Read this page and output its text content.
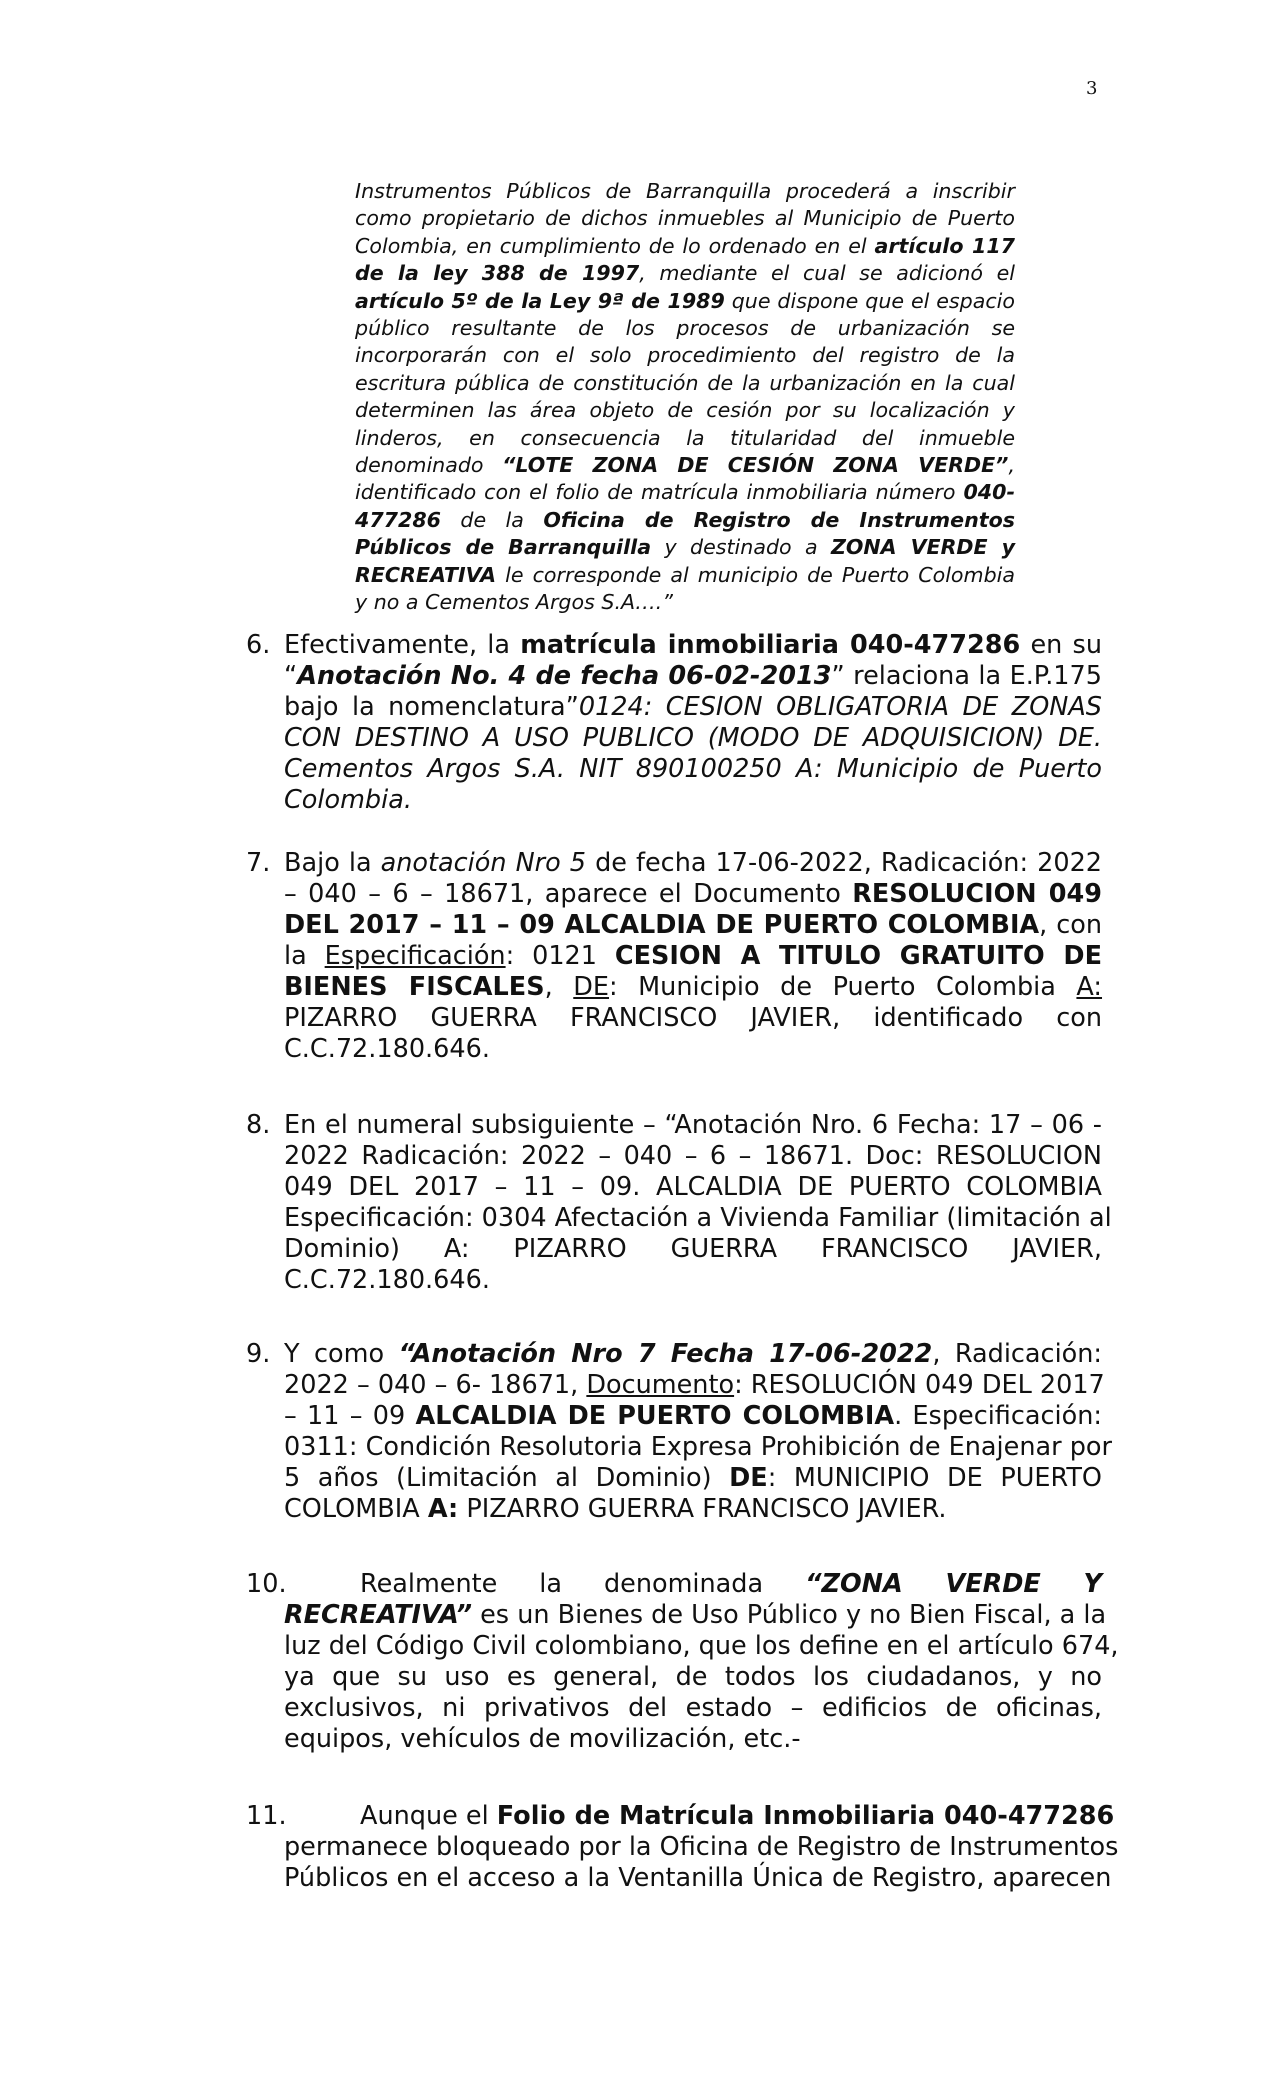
3
Instrumentos Públicos de Barranquilla procederá a inscribir
como propietario de dichos inmuebles al Municipio de Puerto
Colombia, en cumplimiento de lo ordenado en el artículo 117
de la ley 388 de 1997, mediante el cual se adicionó el
artículo 5º de la Ley 9ª de 1989 que dispone que el espacio
público resultante de los procesos de urbanización se
incorporarán con el solo procedimiento del registro de la
escritura pública de constitución de la urbanización en la cual
determinen las área objeto de cesión por su localización y
linderos, en consecuencia la titularidad del inmueble
denominado “LOTE ZONA DE CESIÓN ZONA VERDE”,
identificado con el folio de matrícula inmobiliaria número 040-
477286 de la Oficina de Registro de Instrumentos
Públicos de Barranquilla y destinado a ZONA VERDE y
RECREATIVA le corresponde al municipio de Puerto Colombia
y no a Cementos Argos S.A….”
6. Efectivamente, la matrícula inmobiliaria 040-477286 en su
“Anotación No. 4 de fecha 06-02-2013” relaciona la E.P.175
bajo la nomenclatura”0124: CESION OBLIGATORIA DE ZONAS
CON DESTINO A USO PUBLICO (MODO DE ADQUISICION) DE.
Cementos Argos S.A. NIT 890100250 A: Municipio de Puerto
Colombia.
7. Bajo la anotación Nro 5 de fecha 17-06-2022, Radicación: 2022
– 040 – 6 – 18671, aparece el Documento RESOLUCION 049
DEL 2017 – 11 – 09 ALCALDIA DE PUERTO COLOMBIA, con
la Especificación: 0121 CESION A TITULO GRATUITO DE
BIENES FISCALES, DE: Municipio de Puerto Colombia A:
PIZARRO GUERRA FRANCISCO JAVIER, identificado con
C.C.72.180.646.
8. En el numeral subsiguiente – “Anotación Nro. 6 Fecha: 17 – 06 -
2022 Radicación: 2022 – 040 – 6 – 18671. Doc: RESOLUCION
049 DEL 2017 – 11 – 09. ALCALDIA DE PUERTO COLOMBIA
Especificación: 0304 Afectación a Vivienda Familiar (limitación al
Dominio) A: PIZARRO GUERRA FRANCISCO JAVIER,
C.C.72.180.646.
9. Y como “Anotación Nro 7 Fecha 17-06-2022, Radicación:
2022 – 040 – 6- 18671, Documento: RESOLUCIÓN 049 DEL 2017
– 11 – 09 ALCALDIA DE PUERTO COLOMBIA. Especificación:
0311: Condición Resolutoria Expresa Prohibición de Enajenar por
5 años (Limitación al Dominio) DE: MUNICIPIO DE PUERTO
COLOMBIA A: PIZARRO GUERRA FRANCISCO JAVIER.
10.	Realmente la denominada “ZONA VERDE Y
RECREATIVA” es un Bienes de Uso Público y no Bien Fiscal, a la
luz del Código Civil colombiano, que los define en el artículo 674,
ya que su uso es general, de todos los ciudadanos, y no
exclusivos, ni privativos del estado – edificios de oficinas,
equipos, vehículos de movilización, etc.-
11.	Aunque el Folio de Matrícula Inmobiliaria 040-477286
permanece bloqueado por la Oficina de Registro de Instrumentos
Públicos en el acceso a la Ventanilla Única de Registro, aparecen
